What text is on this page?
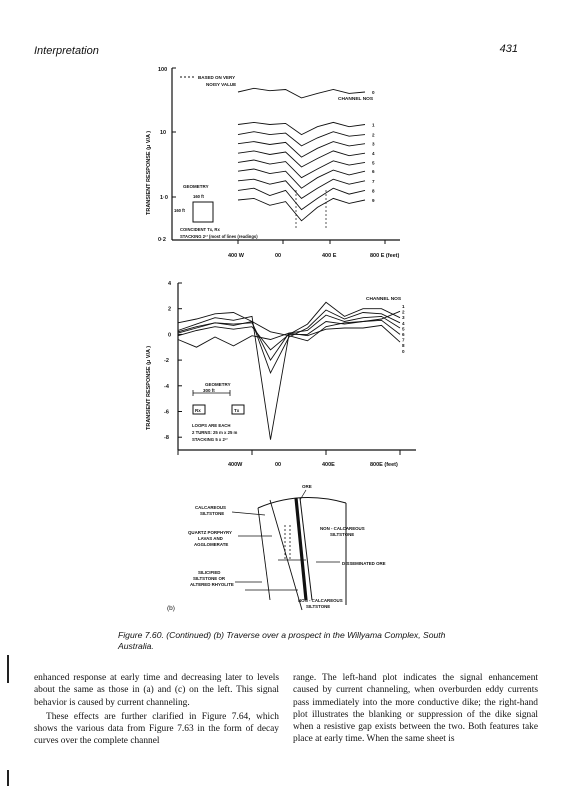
Interpretation	431
TRANSIENT RESPONSE (μ V/A )
100
10
1·0
0·2
400 W	00	400 E	800 E (feet)
BASED ON VERY
NOISY VALUE
CHANNEL NOS
0
1
2
3
4
5
6
7
8
9
GEOMETRY
160 ft
160 ft
COINCIDENT Tx, Rx
STACKING 2¹² (most of lines (readings)
TRANSIENT RESPONSE (μ V/A )
4
2
0
-2
-4
-6
-8
400W	00	400E	800E (feet)
CHANNEL NOS
1
2
3
4
5
6
7
8
0
GEOMETRY
300 ft
Rx	Tx
LOOPS ARE EACH
2 TURNS: 25 m x 25 m
STACKING 5 x 2¹²
ORE
CALCAREOUS
SILTSTONE
QUARTZ PORPHYRY
LAVAS AND
AGGLOMERATE
SILICIFIED
SILTSTONE OR
ALTERED RHYOLITE
NON - CALCAREOUS
SILTSTONE
DISSEMINATED ORE
NON - CALCAREOUS
SILTSTONE
(b)
Figure 7.60. (Continued) (b) Traverse over a prospect in the Willyama Complex, South Australia.

enhanced response at early time and decreasing later to levels about the same as those in (a) and (c) on the left. This signal behavior is caused by current channeling.

These effects are further clarified in Figure 7.64, which shows the various data from Figure 7.63 in the form of decay curves over the complete channel

range. The left-hand plot indicates the signal enhancement caused by current channeling, when overburden eddy currents pass immediately into the more conductive dike; the right-hand plot illustrates the blanking or suppression of the dike signal when a resistive gap exists between the two. Both features take place at early time. When the same sheet is
